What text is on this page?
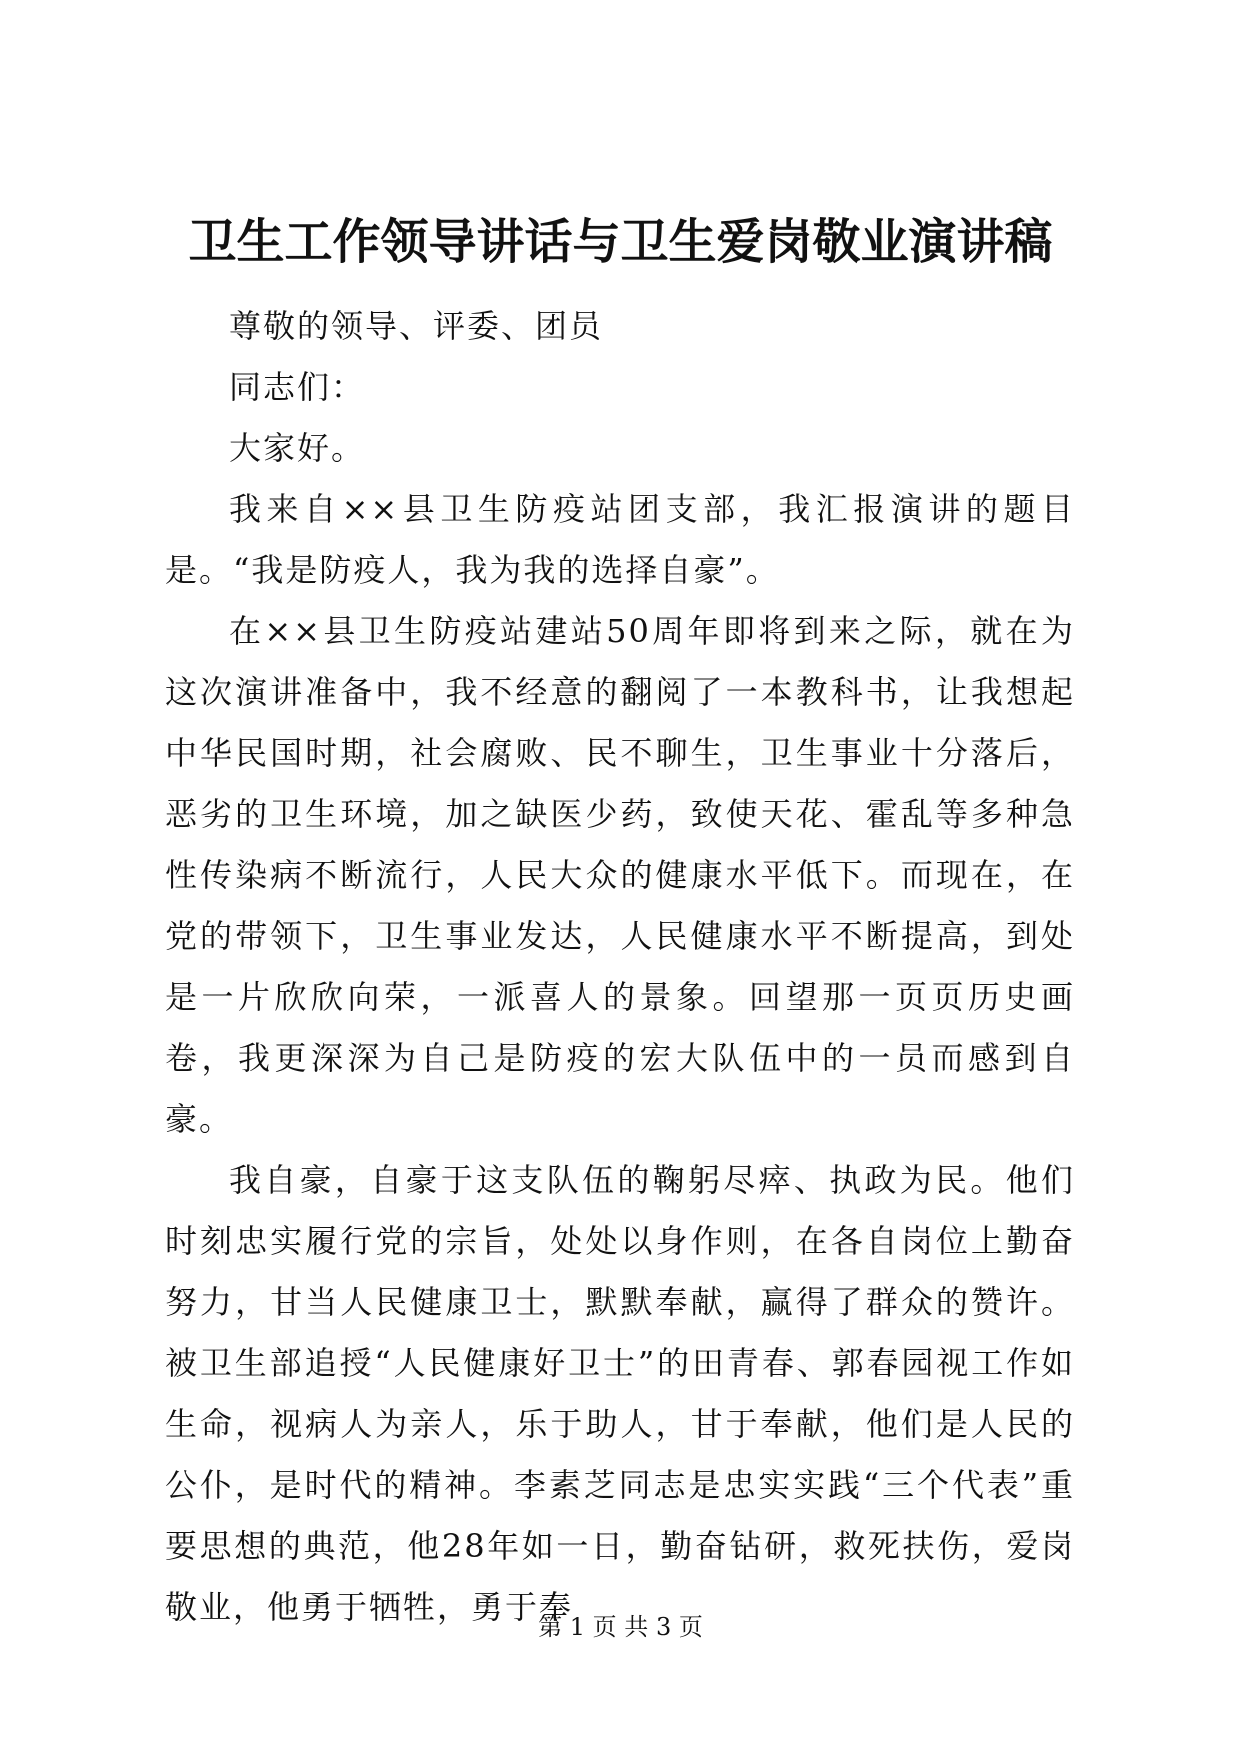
卫生工作领导讲话与卫生爱岗敬业演讲稿

尊敬的领导、评委、团员

同志们：

大家好。

我来自××县卫生防疫站团支部，我汇报演讲的题目是。“我是防疫人，我为我的选择自豪”。

在××县卫生防疫站建站50周年即将到来之际，就在为这次演讲准备中，我不经意的翻阅了一本教科书，让我想起中华民国时期，社会腐败、民不聊生，卫生事业十分落后，恶劣的卫生环境，加之缺医少药，致使天花、霍乱等多种急性传染病不断流行，人民大众的健康水平低下。而现在，在党的带领下，卫生事业发达，人民健康水平不断提高，到处是一片欣欣向荣，一派喜人的景象。回望那一页页历史画卷，我更深深为自己是防疫的宏大队伍中的一员而感到自豪。

我自豪，自豪于这支队伍的鞠躬尽瘁、执政为民。他们时刻忠实履行党的宗旨，处处以身作则，在各自岗位上勤奋努力，甘当人民健康卫士，默默奉献，赢得了群众的赞许。被卫生部追授“人民健康好卫士”的田青春、郭春园视工作如生命，视病人为亲人，乐于助人，甘于奉献，他们是人民的公仆，是时代的精神。李素芝同志是忠实实践“三个代表”重要思想的典范，他28年如一日，勤奋钻研，救死扶伤，爱岗敬业，他勇于牺牲，勇于奉

第 1 页 共 3 页
